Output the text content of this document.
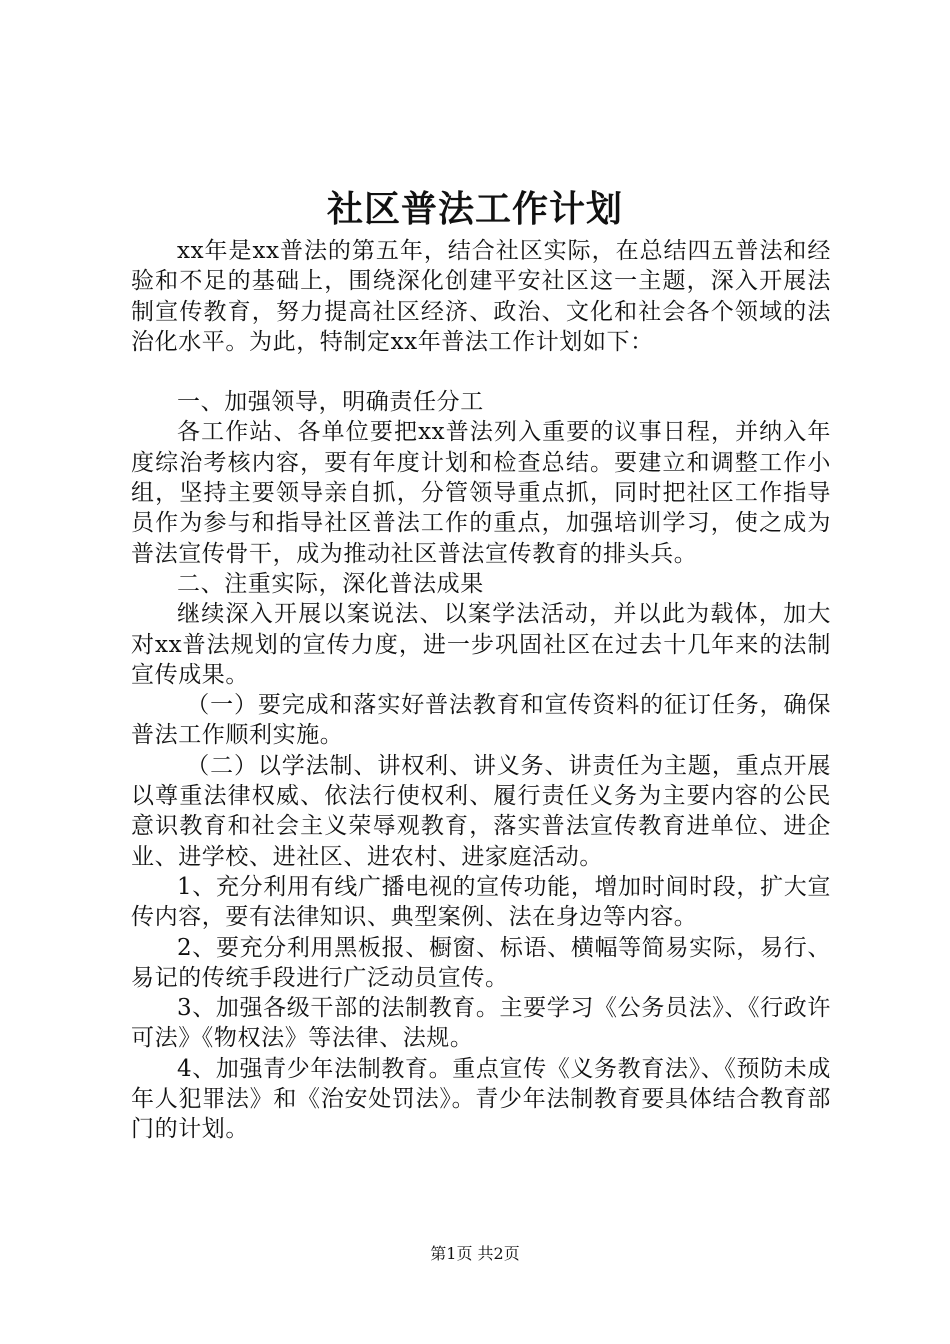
社区普法工作计划

xx年是xx普法的第五年，结合社区实际，在总结四五普法和经验和不足的基础上，围绕深化创建平安社区这一主题，深入开展法制宣传教育，努力提高社区经济、政治、文化和社会各个领域的法治化水平。为此，特制定xx年普法工作计划如下：

一、加强领导，明确责任分工

各工作站、各单位要把xx普法列入重要的议事日程，并纳入年度综治考核内容，要有年度计划和检查总结。要建立和调整工作小组，坚持主要领导亲自抓，分管领导重点抓，同时把社区工作指导员作为参与和指导社区普法工作的重点，加强培训学习，使之成为普法宣传骨干，成为推动社区普法宣传教育的排头兵。

二、注重实际，深化普法成果

继续深入开展以案说法、以案学法活动，并以此为载体，加大对xx普法规划的宣传力度，进一步巩固社区在过去十几年来的法制宣传成果。

（一）要完成和落实好普法教育和宣传资料的征订任务，确保普法工作顺利实施。

（二）以学法制、讲权利、讲义务、讲责任为主题，重点开展以尊重法律权威、依法行使权利、履行责任义务为主要内容的公民意识教育和社会主义荣辱观教育，落实普法宣传教育进单位、进企业、进学校、进社区、进农村、进家庭活动。

1、充分利用有线广播电视的宣传功能，增加时间时段，扩大宣传内容，要有法律知识、典型案例、法在身边等内容。

2、要充分利用黑板报、橱窗、标语、横幅等简易实际，易行、易记的传统手段进行广泛动员宣传。

3、加强各级干部的法制教育。主要学习《公务员法》、《行政许可法》《物权法》等法律、法规。

4、加强青少年法制教育。重点宣传《义务教育法》、《预防未成年人犯罪法》和《治安处罚法》。青少年法制教育要具体结合教育部门的计划。

第1页 共2页
